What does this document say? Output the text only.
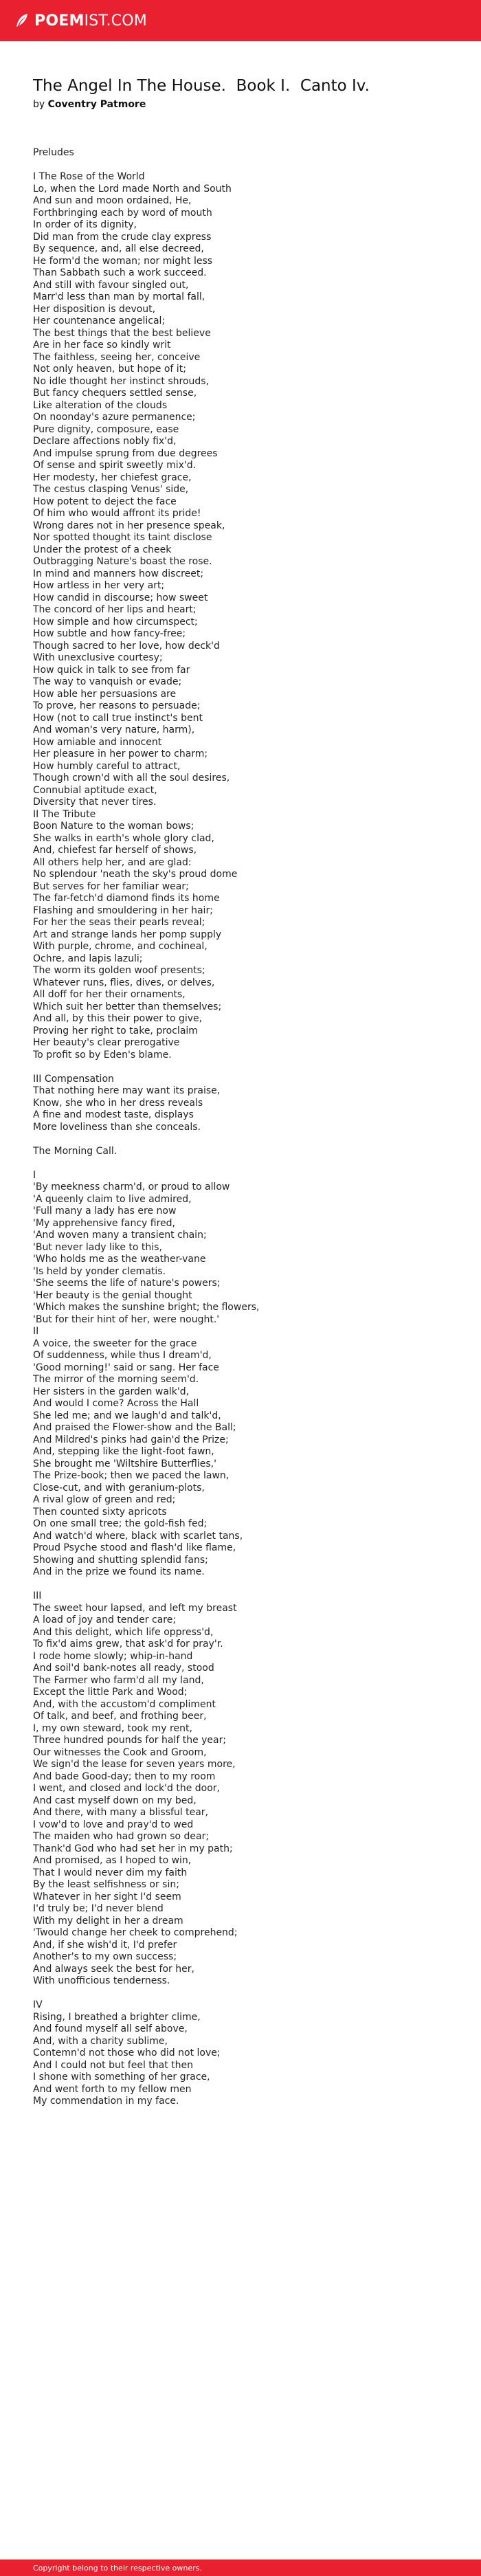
POEMIST.COM
The Angel In The House.  Book I.  Canto Iv.
by Coventry Patmore
Preludes
I The Rose of the World
Lo, when the Lord made North and South
And sun and moon ordained, He,
Forthbringing each by word of mouth
In order of its dignity,
Did man from the crude clay express
By sequence, and, all else decreed,
He form'd the woman; nor might less
Than Sabbath such a work succeed.
And still with favour singled out,
Marr'd less than man by mortal fall,
Her disposition is devout,
Her countenance angelical;
The best things that the best believe
Are in her face so kindly writ
The faithless, seeing her, conceive
Not only heaven, but hope of it;
No idle thought her instinct shrouds,
But fancy chequers settled sense,
Like alteration of the clouds
On noonday's azure permanence;
Pure dignity, composure, ease
Declare affections nobly fix'd,
And impulse sprung from due degrees
Of sense and spirit sweetly mix'd.
Her modesty, her chiefest grace,
The cestus clasping Venus' side,
How potent to deject the face
Of him who would affront its pride!
Wrong dares not in her presence speak,
Nor spotted thought its taint disclose
Under the protest of a cheek
Outbragging Nature's boast the rose.
In mind and manners how discreet;
How artless in her very art;
How candid in discourse; how sweet
The concord of her lips and heart;
How simple and how circumspect;
How subtle and how fancy-free;
Though sacred to her love, how deck'd
With unexclusive courtesy;
How quick in talk to see from far
The way to vanquish or evade;
How able her persuasions are
To prove, her reasons to persuade;
How (not to call true instinct's bent
And woman's very nature, harm),
How amiable and innocent
Her pleasure in her power to charm;
How humbly careful to attract,
Though crown'd with all the soul desires,
Connubial aptitude exact,
Diversity that never tires.
II The Tribute
Boon Nature to the woman bows;
She walks in earth's whole glory clad,
And, chiefest far herself of shows,
All others help her, and are glad:
No splendour 'neath the sky's proud dome
But serves for her familiar wear;
The far-fetch'd diamond finds its home
Flashing and smouldering in her hair;
For her the seas their pearls reveal;
Art and strange lands her pomp supply
With purple, chrome, and cochineal,
Ochre, and lapis lazuli;
The worm its golden woof presents;
Whatever runs, flies, dives, or delves,
All doff for her their ornaments,
Which suit her better than themselves;
And all, by this their power to give,
Proving her right to take, proclaim
Her beauty's clear prerogative
To profit so by Eden's blame.
III Compensation
That nothing here may want its praise,
Know, she who in her dress reveals
A fine and modest taste, displays
More loveliness than she conceals.
The Morning Call.
I
'By meekness charm'd, or proud to allow
'A queenly claim to live admired,
'Full many a lady has ere now
'My apprehensive fancy fired,
'And woven many a transient chain;
'But never lady like to this,
'Who holds me as the weather-vane
'Is held by yonder clematis.
'She seems the life of nature's powers;
'Her beauty is the genial thought
'Which makes the sunshine bright; the flowers,
'But for their hint of her, were nought.'
II
A voice, the sweeter for the grace
Of suddenness, while thus I dream'd,
'Good morning!' said or sang. Her face
The mirror of the morning seem'd.
Her sisters in the garden walk'd,
And would I come? Across the Hall
She led me; and we laugh'd and talk'd,
And praised the Flower-show and the Ball;
And Mildred's pinks had gain'd the Prize;
And, stepping like the light-foot fawn,
She brought me 'Wiltshire Butterflies,'
The Prize-book; then we paced the lawn,
Close-cut, and with geranium-plots,
A rival glow of green and red;
Then counted sixty apricots
On one small tree; the gold-fish fed;
And watch'd where, black with scarlet tans,
Proud Psyche stood and flash'd like flame,
Showing and shutting splendid fans;
And in the prize we found its name.
III
The sweet hour lapsed, and left my breast
A load of joy and tender care;
And this delight, which life oppress'd,
To fix'd aims grew, that ask'd for pray'r.
I rode home slowly; whip-in-hand
And soil'd bank-notes all ready, stood
The Farmer who farm'd all my land,
Except the little Park and Wood;
And, with the accustom'd compliment
Of talk, and beef, and frothing beer,
I, my own steward, took my rent,
Three hundred pounds for half the year;
Our witnesses the Cook and Groom,
We sign'd the lease for seven years more,
And bade Good-day; then to my room
I went, and closed and lock'd the door,
And cast myself down on my bed,
And there, with many a blissful tear,
I vow'd to love and pray'd to wed
The maiden who had grown so dear;
Thank'd God who had set her in my path;
And promised, as I hoped to win,
That I would never dim my faith
By the least selfishness or sin;
Whatever in her sight I'd seem
I'd truly be; I'd never blend
With my delight in her a dream
'Twould change her cheek to comprehend;
And, if she wish'd it, I'd prefer
Another's to my own success;
And always seek the best for her,
With unofficious tenderness.
IV
Rising, I breathed a brighter clime,
And found myself all self above,
And, with a charity sublime,
Contemn'd not those who did not love;
And I could not but feel that then
I shone with something of her grace,
And went forth to my fellow men
My commendation in my face.
Copyright belong to their respective owners.
